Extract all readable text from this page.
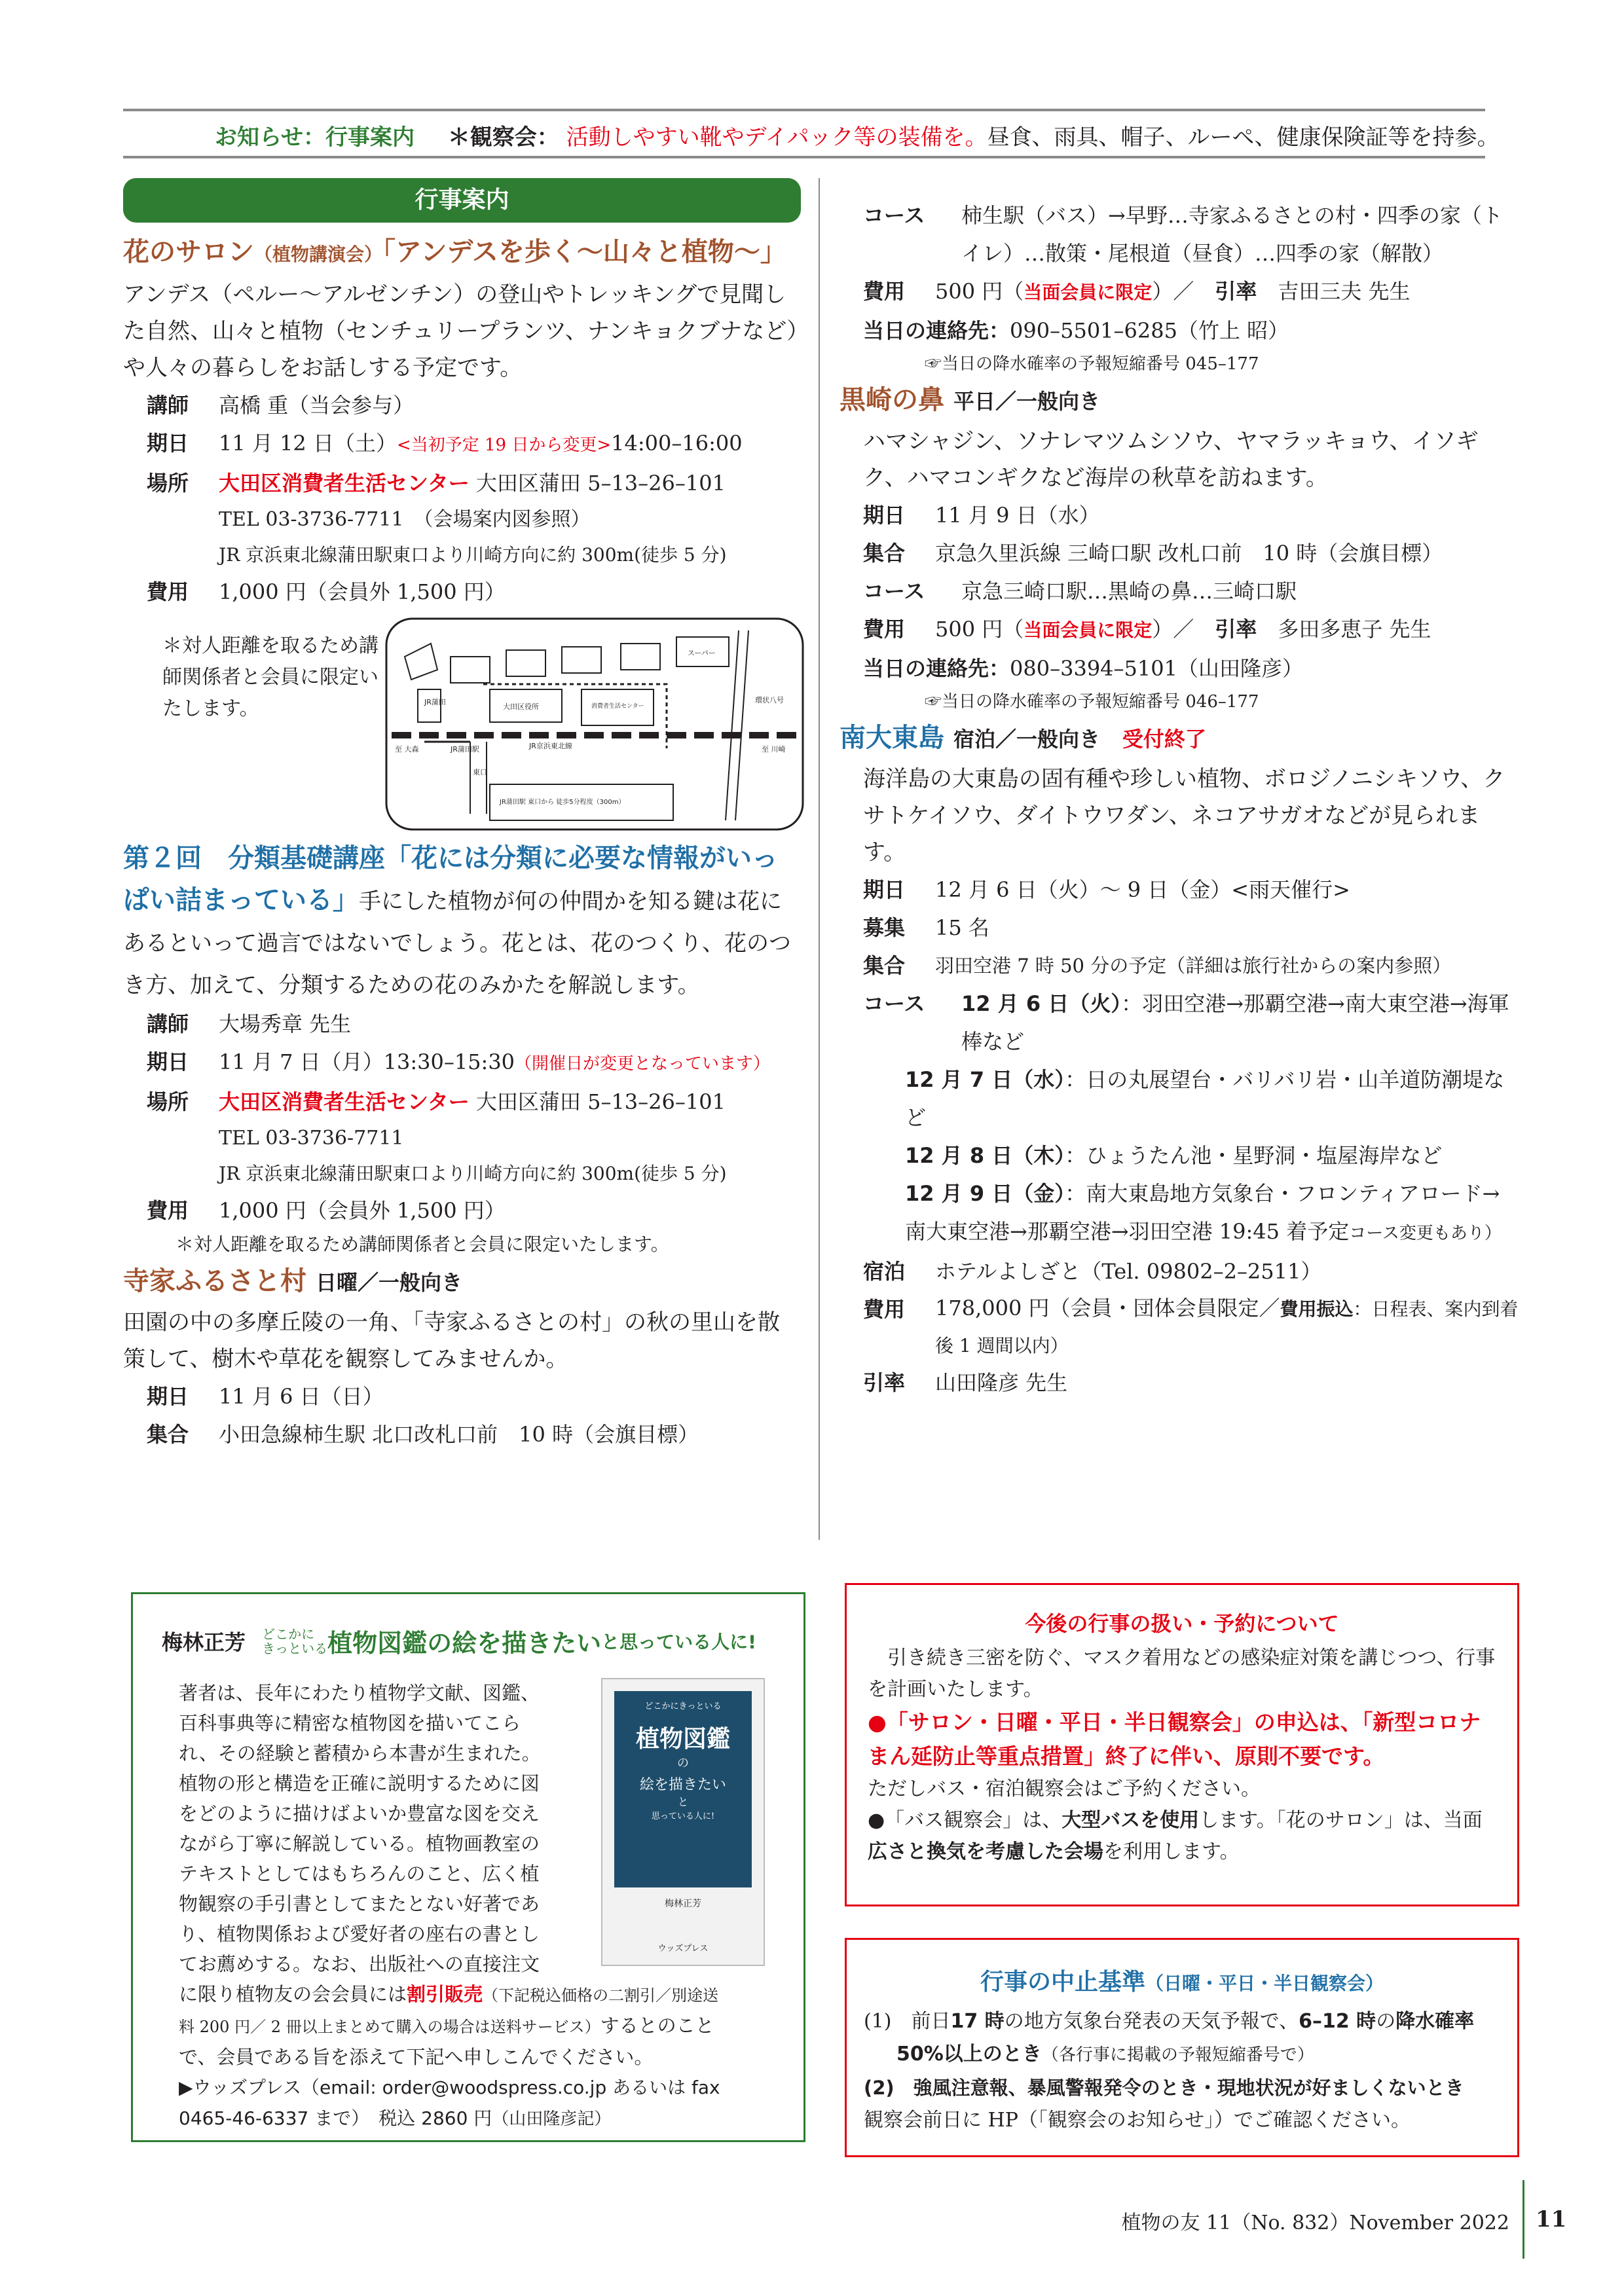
お知らせ：行事案内 ＊観察会： 活動しやすい靴やデイパック等の装備を。昼食、雨具、帽子、ルーペ、健康保険証等を持参。
行事案内
花のサロン（植物講演会）「アンデスを歩く〜山々と植物〜」

アンデス（ペルー〜アルゼンチン）の登山やトレッキングで見聞した自然、山々と植物（センチュリープランツ、ナンキョクブナなど）や人々の暮らしをお話しする予定です。

講師	高橋 重（当会参与）
期日	11 月 12 日（土）<当初予定 19 日から変更>14:00–16:00
場所	大田区消費者生活センター 大田区蒲田 5–13–26–101
TEL 03-3736-7711　（会場案内図参照）
JR 京浜東北線蒲田駅東口より川崎方向に約 300m(徒歩 5 分)
費用	1,000 円（会員外 1,500 円）
＊対人距離を取るため講師関係者と会員に限定いたします。	JR蒲田
JR蒲田駅
大田区役所
スーパー
消費者生活センター
環状八号
JR京浜東北線
至 大森	至 川崎
JR蒲田駅 東口から 徒歩5分程度（300m）
東口
第２回　分類基礎講座「花には分類に必要な情報がいっぱい詰まっている」手にした植物が何の仲間かを知る鍵は花にあるといって過言ではないでしょう。花とは、花のつくり、花のつき方、加えて、分類するための花のみかたを解説します。
講師	大場秀章 先生
期日	11 月 7 日（月）13:30–15:30（開催日が変更となっています）
場所	大田区消費者生活センター 大田区蒲田 5–13–26–101
TEL 03-3736-7711
JR 京浜東北線蒲田駅東口より川崎方向に約 300m(徒歩 5 分)
費用	1,000 円（会員外 1,500 円）
＊対人距離を取るため講師関係者と会員に限定いたします。
寺家ふるさと村 日曜／一般向き

田園の中の多摩丘陵の一角、「寺家ふるさとの村」の秋の里山を散策して、樹木や草花を観察してみませんか。

期日	11 月 6 日（日）
集合	小田急線柿生駅 北口改札口前　10 時（会旗目標）
コース	柿生駅（バス）→早野…寺家ふるさとの村・四季の家（トイレ）…散策・尾根道（昼食）…四季の家（解散）
費用	500 円（当面会員に限定）／　引率　 吉田三夫 先生
当日の連絡先： 090–5501–6285（竹上 昭）
☞当日の降水確率の予報短縮番号 045–177
黒崎の鼻 平日／一般向き

ハマシャジン、ソナレマツムシソウ、ヤマラッキョウ、イソギク、ハマコンギクなど海岸の秋草を訪ねます。

期日	11 月 9 日（水）
集合	京急久里浜線 三崎口駅 改札口前　10 時（会旗目標）
コース	京急三崎口駅…黒崎の鼻…三崎口駅
費用	500 円（当面会員に限定）／　引率　 多田多恵子 先生
当日の連絡先： 080–3394–5101（山田隆彦）
☞当日の降水確率の予報短縮番号 046–177
南大東島 宿泊／一般向き 受付終了

海洋島の大東島の固有種や珍しい植物、ボロジノニシキソウ、クサトケイソウ、ダイトウワダン、ネコアサガオなどが見られます。

期日	12 月 6 日（火）〜 9 日（金）<雨天催行>
募集	15 名
集合	羽田空港 7 時 50 分の予定（詳細は旅行社からの案内参照）
コース	12 月 6 日（火）：羽田空港→那覇空港→南大東空港→海軍棒など
12 月 7 日（水）：日の丸展望台・バリバリ岩・山羊道防潮堤など
12 月 8 日（木）：ひょうたん池・星野洞・塩屋海岸など
12 月 9 日（金）：南大東島地方気象台・フロンティアロード→南大東空港→那覇空港→羽田空港 19:45 着予定コース変更もあり）
宿泊	ホテルよしざと（Tel. 09802–2–2511）
費用	178,000 円（会員・団体会員限定／費用振込：日程表、案内到着後 1 週間以内）
引率	山田隆彦 先生
梅林正芳 どこかに
きっといる植物図鑑の絵を描きたいと思っている人に!
著者は、長年にわたり植物学文献、図鑑、百科事典等に精密な植物図を描いてこられ、その経験と蓄積から本書が生まれた。植物の形と構造を正確に説明するために図をどのように描けばよいか豊富な図を交えながら丁寧に解説している。植物画教室のテキストとしてはもちろんのこと、広く植物観察の手引書としてまたとない好著であり、植物関係および愛好者の座右の書としてお薦めする。なお、出版社への直接注文に限り植物友の会会員には割引販売（下記税込価格の二割引／別途送料 200 円／ 2 冊以上まとめて購入の場合は送料サービス）するとのことで、会員である旨を添えて下記へ申しこんでください。
▶ウッズプレス（email: order@woodspress.co.jp あるいは fax 0465-46-6337 まで）　税込 2860 円（山田隆彦記）
どこかにきっといる
植物図鑑
の
絵を描きたい
と
思っている人に!
梅林正芳
ウッズプレス
今後の行事の扱い・予約について
引き続き三密を防ぐ、マスク着用などの感染症対策を講じつつ、行事を計画いたします。
●「サロン・日曜・平日・半日観察会」の申込は、「新型コロナまん延防止等重点措置」終了に伴い、原則不要です。
ただしバス・宿泊観察会はご予約ください。
●「バス観察会」は、大型バスを使用します。「花のサロン」は、当面広さと換気を考慮した会場を利用します。
行事の中止基準（日曜・平日・半日観察会）
(1)　前日17 時の地方気象台発表の天気予報で、6–12 時の降水確率
50%以上のとき（各行事に掲載の予報短縮番号で）
(2)　強風注意報、暴風警報発令のとき・現地状況が好ましくないとき
観察会前日に HP（「観察会のお知らせ」）でご確認ください。
植物の友 11（No. 832）November 2022 11
